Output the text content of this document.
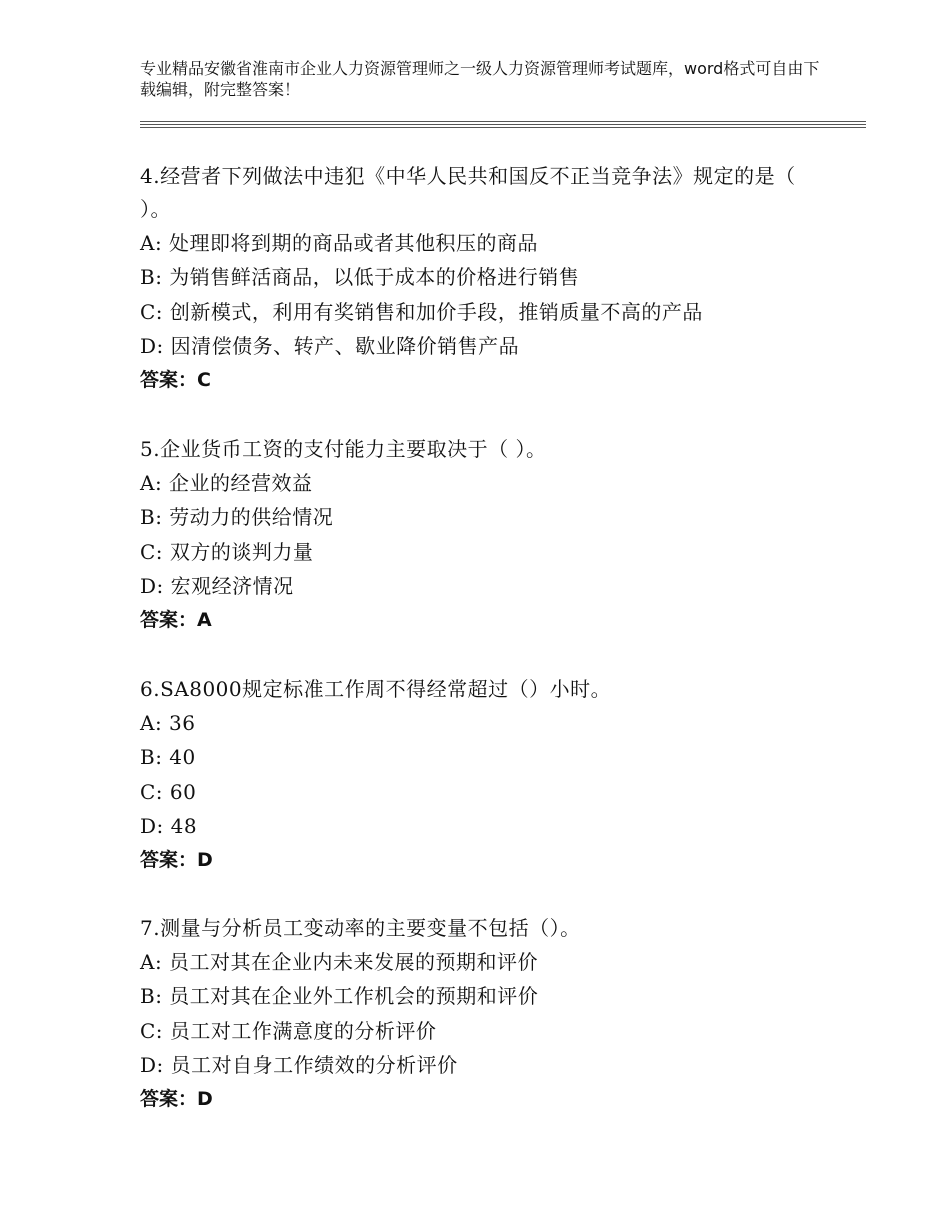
专业精品安徽省淮南市企业人力资源管理师之一级人力资源管理师考试题库，word格式可自由下载编辑，附完整答案！

4.经营者下列做法中违犯《中华人民共和国反不正当竞争法》规定的是（ ）。

A: 处理即将到期的商品或者其他积压的商品

B: 为销售鲜活商品，以低于成本的价格进行销售

C: 创新模式，利用有奖销售和加价手段，推销质量不高的产品

D: 因清偿债务、转产、歇业降价销售产品

答案：C

5.企业货币工资的支付能力主要取决于（ ）。

A: 企业的经营效益

B: 劳动力的供给情况

C: 双方的谈判力量

D: 宏观经济情况

答案：A

6.SA8000规定标准工作周不得经常超过（）小时。

A: 36

B: 40

C: 60

D: 48

答案：D

7.测量与分析员工变动率的主要变量不包括（）。

A: 员工对其在企业内未来发展的预期和评价

B: 员工对其在企业外工作机会的预期和评价

C: 员工对工作满意度的分析评价

D: 员工对自身工作绩效的分析评价

答案：D
